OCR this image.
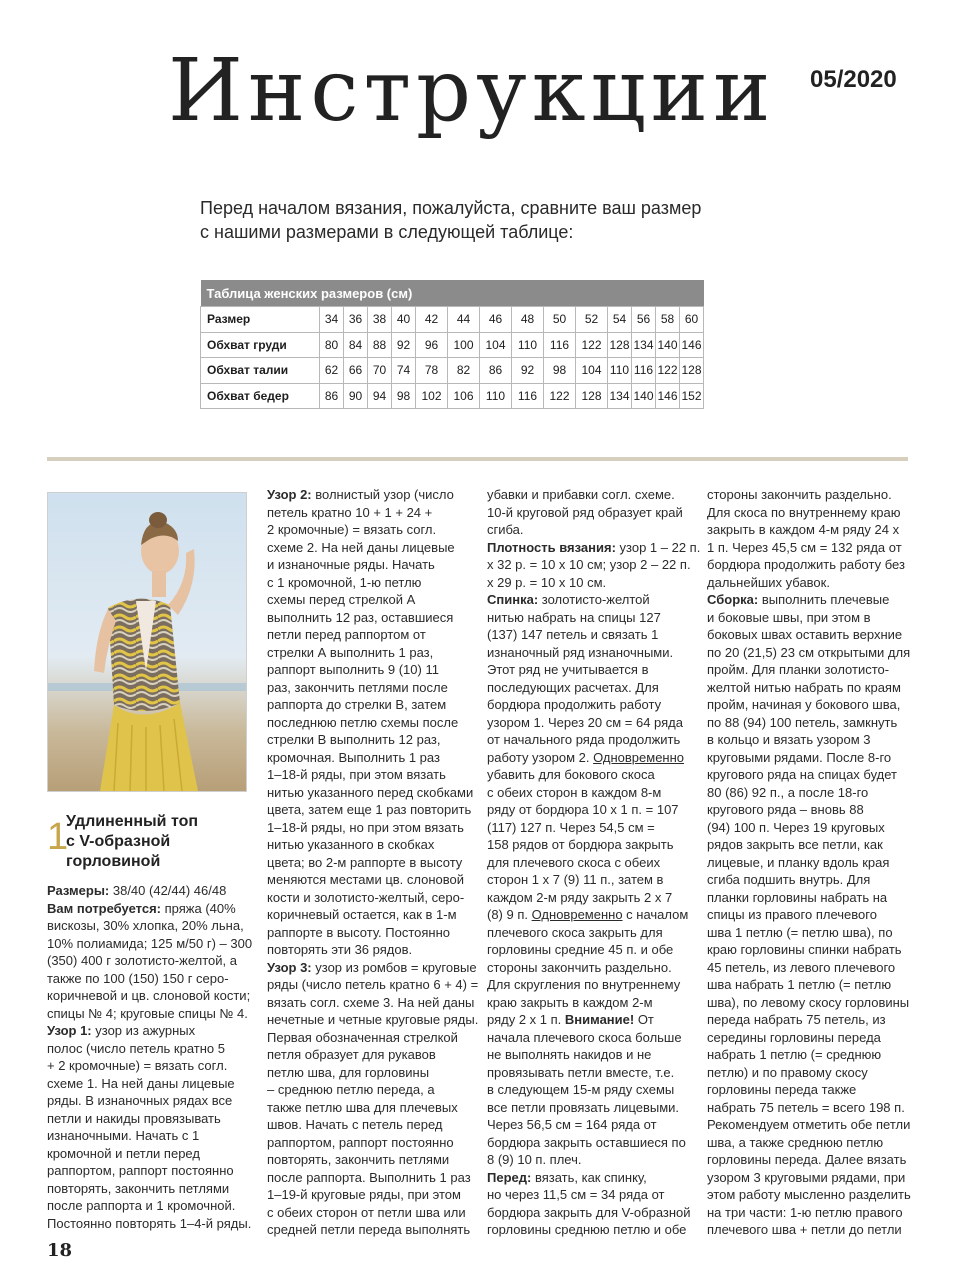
Инструкции 05/2020
Перед началом вязания, пожалуйста, сравните ваш размер
с нашими размерами в следующей таблице:
Таблица женских размеров (см)														
Размер	34	36	38	40	42	44	46	48	50	52	54	56	58	60
Обхват груди	80	84	88	92	96	100	104	110	116	122	128	134	140	146
Обхват талии	62	66	70	74	78	82	86	92	98	104	110	116	122	128
Обхват бедер	86	90	94	98	102	106	110	116	122	128	134	140	146	152
1
Удлиненный топ
с V-образной
горловиной
Размеры: 38/40 (42/44) 46/48
Вам потребуется: пряжа (40%
вискозы, 30% хлопка, 20% льна,
10% полиамида; 125 м/50 г) – 300
(350) 400 г золотисто-желтой, а
также по 100 (150) 150 г серо-
коричневой и цв. слоновой кости;
спицы № 4; круговые спицы № 4.
Узор 1: узор из ажурных
полос (число петель кратно 5
+ 2 кромочные) = вязать согл.
схеме 1. На ней даны лицевые
ряды. В изнаночных рядах все
петли и накиды провязывать
изнаночными. Начать с 1
кромочной и петли перед
раппортом, раппорт постоянно
повторять, закончить петлями
после раппорта и 1 кромочной.
Постоянно повторять 1–4-й ряды.
Узор 2: волнистый узор (число
петель кратно 10 + 1 + 24 +
2 кромочные) = вязать согл.
схеме 2. На ней даны лицевые
и изнаночные ряды. Начать
с 1 кромочной, 1-ю петлю
схемы перед стрелкой А
выполнить 12 раз, оставшиеся
петли перед раппортом от
стрелки А выполнить 1 раз,
раппорт выполнить 9 (10) 11
раз, закончить петлями после
раппорта до стрелки В, затем
последнюю петлю схемы после
стрелки В выполнить 12 раз,
кромочная. Выполнить 1 раз
1–18-й ряды, при этом вязать
нитью указанного перед скобками
цвета, затем еще 1 раз повторить
1–18-й ряды, но при этом вязать
нитью указанного в скобках
цвета; во 2-м раппорте в высоту
меняются местами цв. слоновой
кости и золотисто-желтый, серо-
коричневый остается, как в 1-м
раппорте в высоту. Постоянно
повторять эти 36 рядов.
Узор 3: узор из ромбов = круговые
ряды (число петель кратно 6 + 4) =
вязать согл. схеме 3. На ней даны
нечетные и четные круговые ряды.
Первая обозначенная стрелкой
петля образует для рукавов
петлю шва, для горловины
– среднюю петлю переда, а
также петлю шва для плечевых
швов. Начать с петель перед
раппортом, раппорт постоянно
повторять, закончить петлями
после раппорта. Выполнить 1 раз
1–19-й круговые ряды, при этом
с обеих сторон от петли шва или
средней петли переда выполнять
убавки и прибавки согл. схеме.
10-й круговой ряд образует край
сгиба.
Плотность вязания: узор 1 – 22 п.
х 32 р. = 10 х 10 см; узор 2 – 22 п.
х 29 р. = 10 х 10 см.
Спинка: золотисто-желтой
нитью набрать на спицы 127
(137) 147 петель и связать 1
изнаночный ряд изнаночными.
Этот ряд не учитывается в
последующих расчетах. Для
бордюра продолжить работу
узором 1. Через 20 см = 64 ряда
от начального ряда продолжить
работу узором 2. Одновременно
убавить для бокового скоса
с обеих сторон в каждом 8-м
ряду от бордюра 10 х 1 п. = 107
(117) 127 п. Через 54,5 см =
158 рядов от бордюра закрыть
для плечевого скоса с обеих
сторон 1 х 7 (9) 11 п., затем в
каждом 2-м ряду закрыть 2 х 7
(8) 9 п. Одновременно с началом
плечевого скоса закрыть для
горловины средние 45 п. и обе
стороны закончить раздельно.
Для скругления по внутреннему
краю закрыть в каждом 2-м
ряду 2 х 1 п. Внимание! От
начала плечевого скоса больше
не выполнять накидов и не
провязывать петли вместе, т.е.
в следующем 15-м ряду схемы
все петли провязать лицевыми.
Через 56,5 см = 164 ряда от
бордюра закрыть оставшиеся по
8 (9) 10 п. плеч.
Перед: вязать, как спинку,
но через 11,5 см = 34 ряда от
бордюра закрыть для V-образной
горловины среднюю петлю и обе
стороны закончить раздельно.
Для скоса по внутреннему краю
закрыть в каждом 4-м ряду 24 х
1 п. Через 45,5 см = 132 ряда от
бордюра продолжить работу без
дальнейших убавок.
Сборка: выполнить плечевые
и боковые швы, при этом в
боковых швах оставить верхние
по 20 (21,5) 23 см открытыми для
пройм. Для планки золотисто-
желтой нитью набрать по краям
пройм, начиная у бокового шва,
по 88 (94) 100 петель, замкнуть
в кольцо и вязать узором 3
круговыми рядами. После 8-го
кругового ряда на спицах будет
80 (86) 92 п., а после 18-го
кругового ряда – вновь 88
(94) 100 п. Через 19 круговых
рядов закрыть все петли, как
лицевые, и планку вдоль края
сгиба подшить внутрь. Для
планки горловины набрать на
спицы из правого плечевого
шва 1 петлю (= петлю шва), по
краю горловины спинки набрать
45 петель, из левого плечевого
шва набрать 1 петлю (= петлю
шва), по левому скосу горловины
переда набрать 75 петель, из
середины горловины переда
набрать 1 петлю (= среднюю
петлю) и по правому скосу
горловины переда также
набрать 75 петель = всего 198 п.
Рекомендуем отметить обе петли
шва, а также среднюю петлю
горловины переда. Далее вязать
узором 3 круговыми рядами, при
этом работу мысленно разделить
на три части: 1-ю петлю правого
плечевого шва + петли до петли
18
